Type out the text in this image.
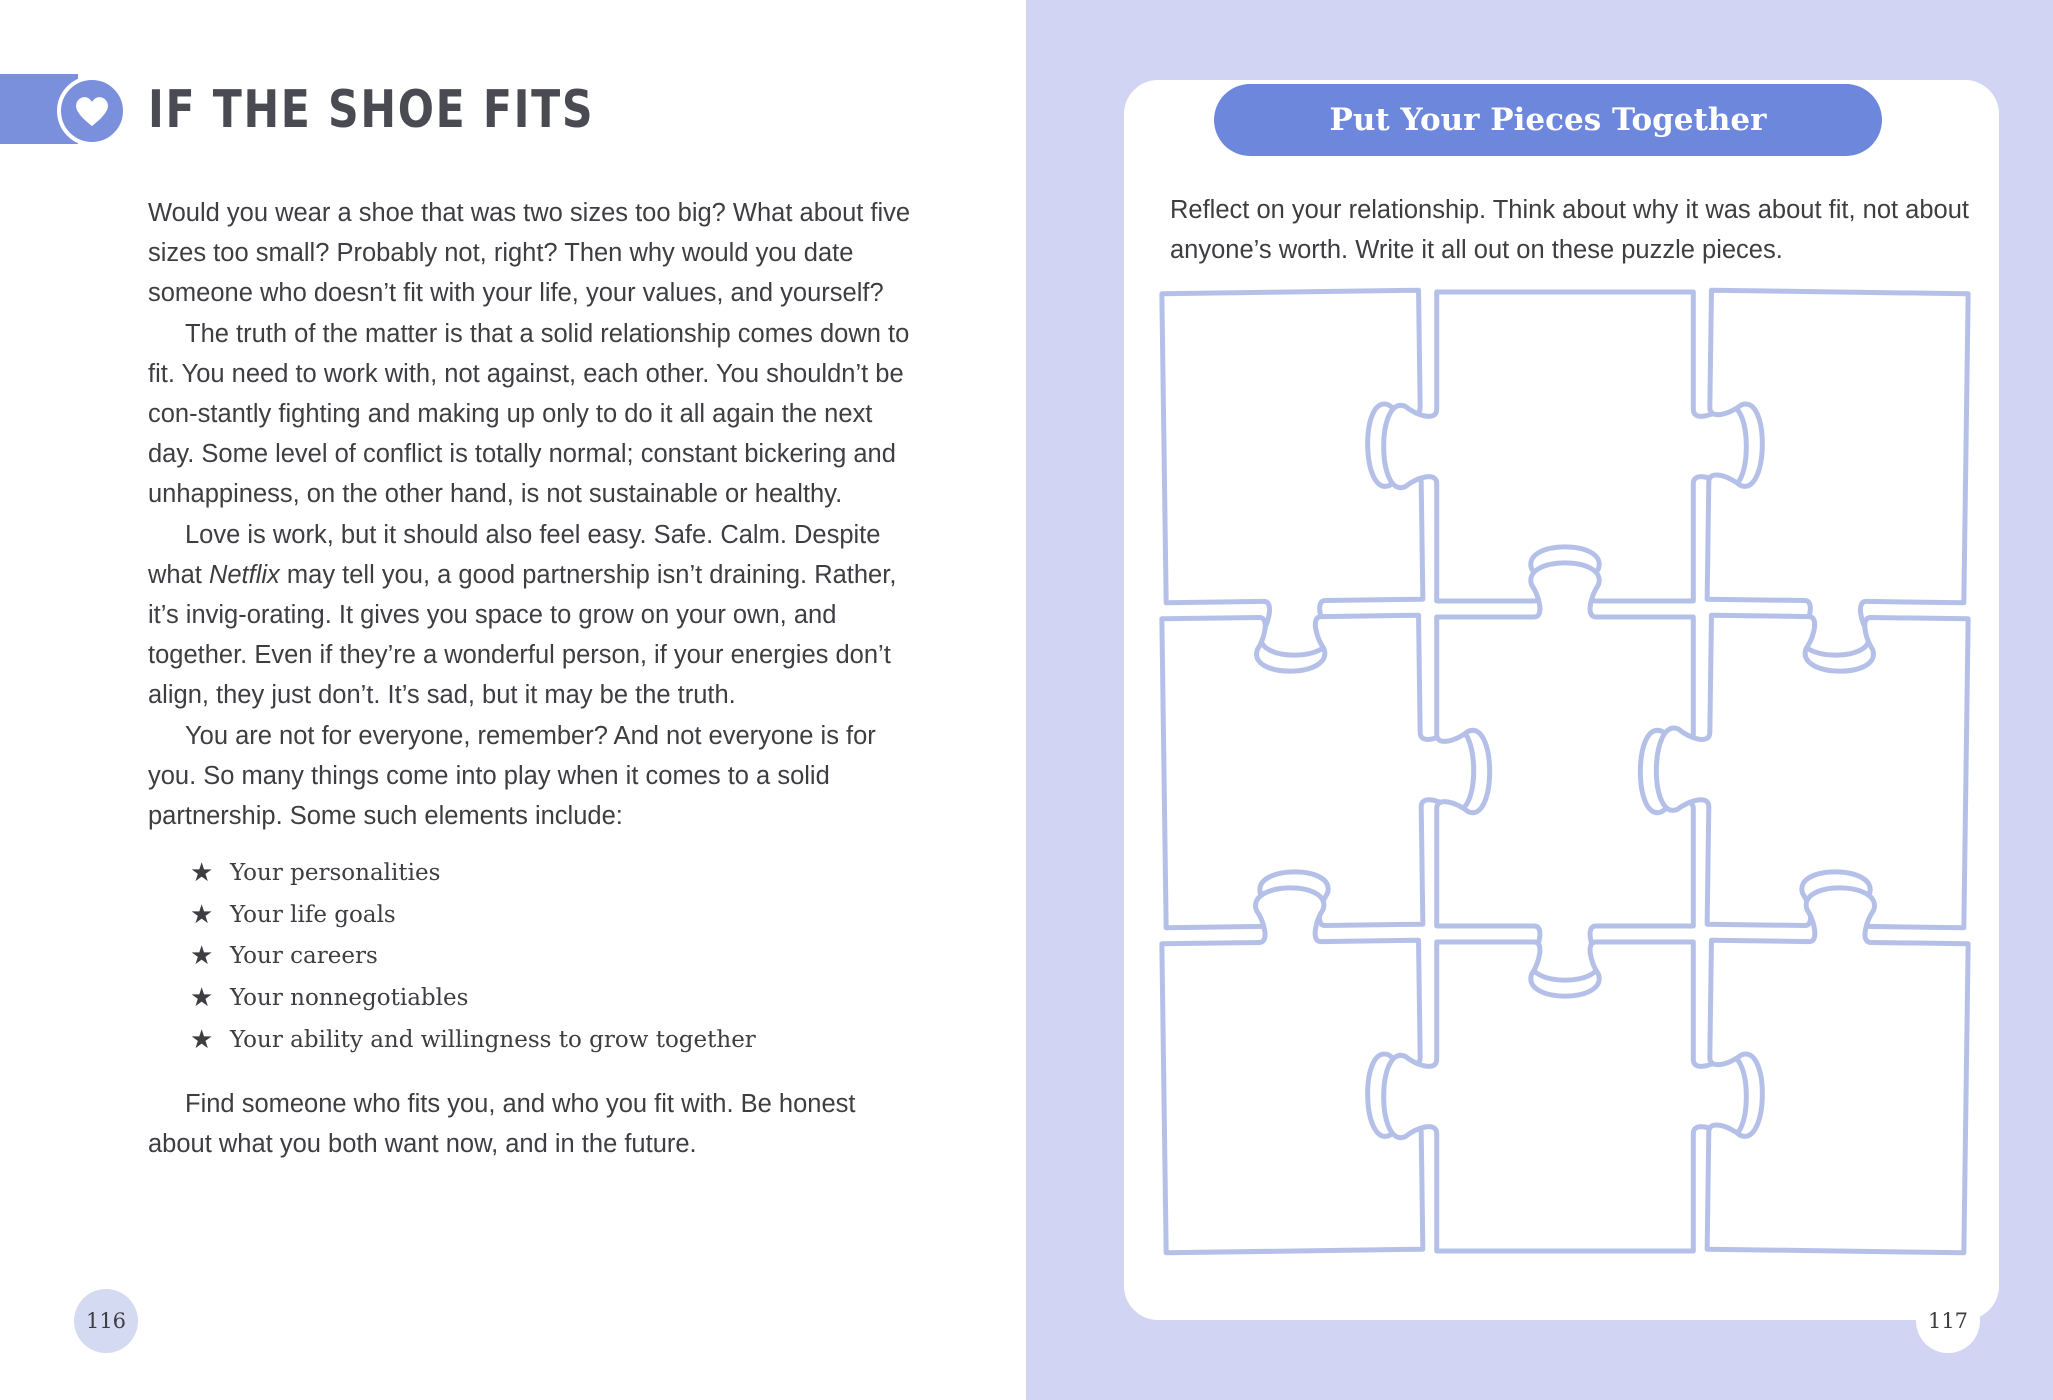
IF THE SHOE FITS

Would you wear a shoe that was two sizes too big? What about five sizes too small? Probably not, right? Then why would you date someone who doesn’t fit with your life, your values, and yourself?

The truth of the matter is that a solid relationship comes down to fit. You need to work with, not against, each other. You shouldn’t be con-stantly fighting and making up only to do it all again the next day. Some level of conflict is totally normal; constant bickering and unhappiness, on the other hand, is not sustainable or healthy.

Love is work, but it should also feel easy. Safe. Calm. Despite what Netflix may tell you, a good partnership isn’t draining. Rather, it’s invig-orating. It gives you space to grow on your own, and together. Even if they’re a wonderful person, if your energies don’t align, they just don’t. It’s sad, but it may be the truth.

You are not for everyone, remember? And not everyone is for you. So many things come into play when it comes to a solid partnership. Some such elements include:

★ Your personalities
★ Your life goals
★ Your careers
★ Your nonnegotiables
★ Your ability and willingness to grow together

Find someone who fits you, and who you fit with. Be honest about what you both want now, and in the future.

116
Put Your Pieces Together

Reflect on your relationship. Think about why it was about fit, not about anyone’s worth. Write it all out on these puzzle pieces.

117
